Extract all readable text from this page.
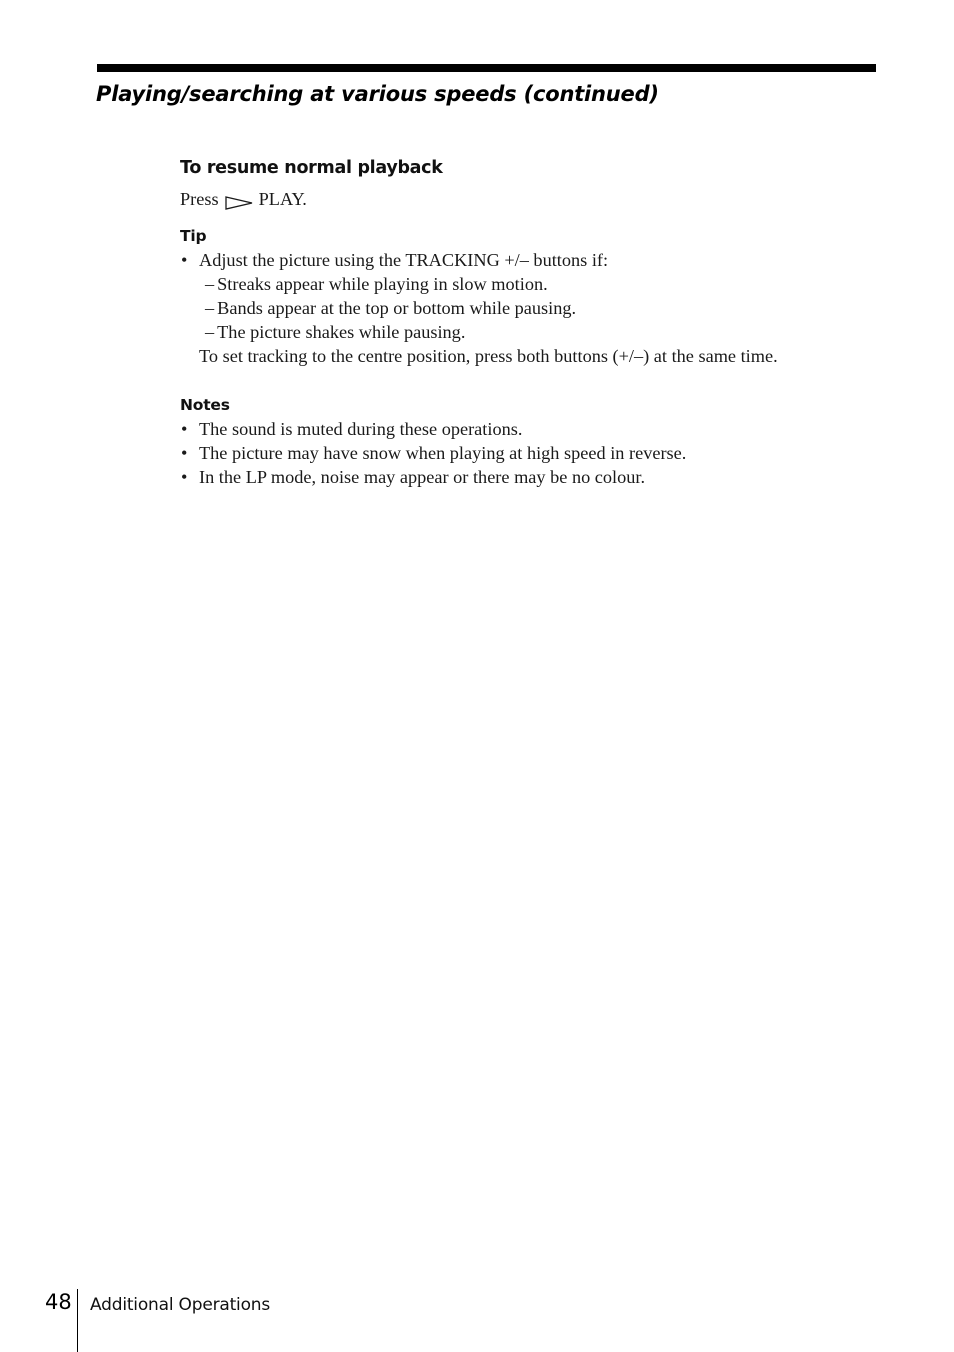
Playing/searching at various speeds (continued)
To resume normal playback
Press PLAY.
Tip
• Adjust the picture using the TRACKING +/– buttons if:
– Streaks appear while playing in slow motion.
– Bands appear at the top or bottom while pausing.
– The picture shakes while pausing.
To set tracking to the centre position, press both buttons (+/–) at the same time.
Notes
• The sound is muted during these operations.
• The picture may have snow when playing at high speed in reverse.
• In the LP mode, noise may appear or there may be no colour.
48 Additional Operations
